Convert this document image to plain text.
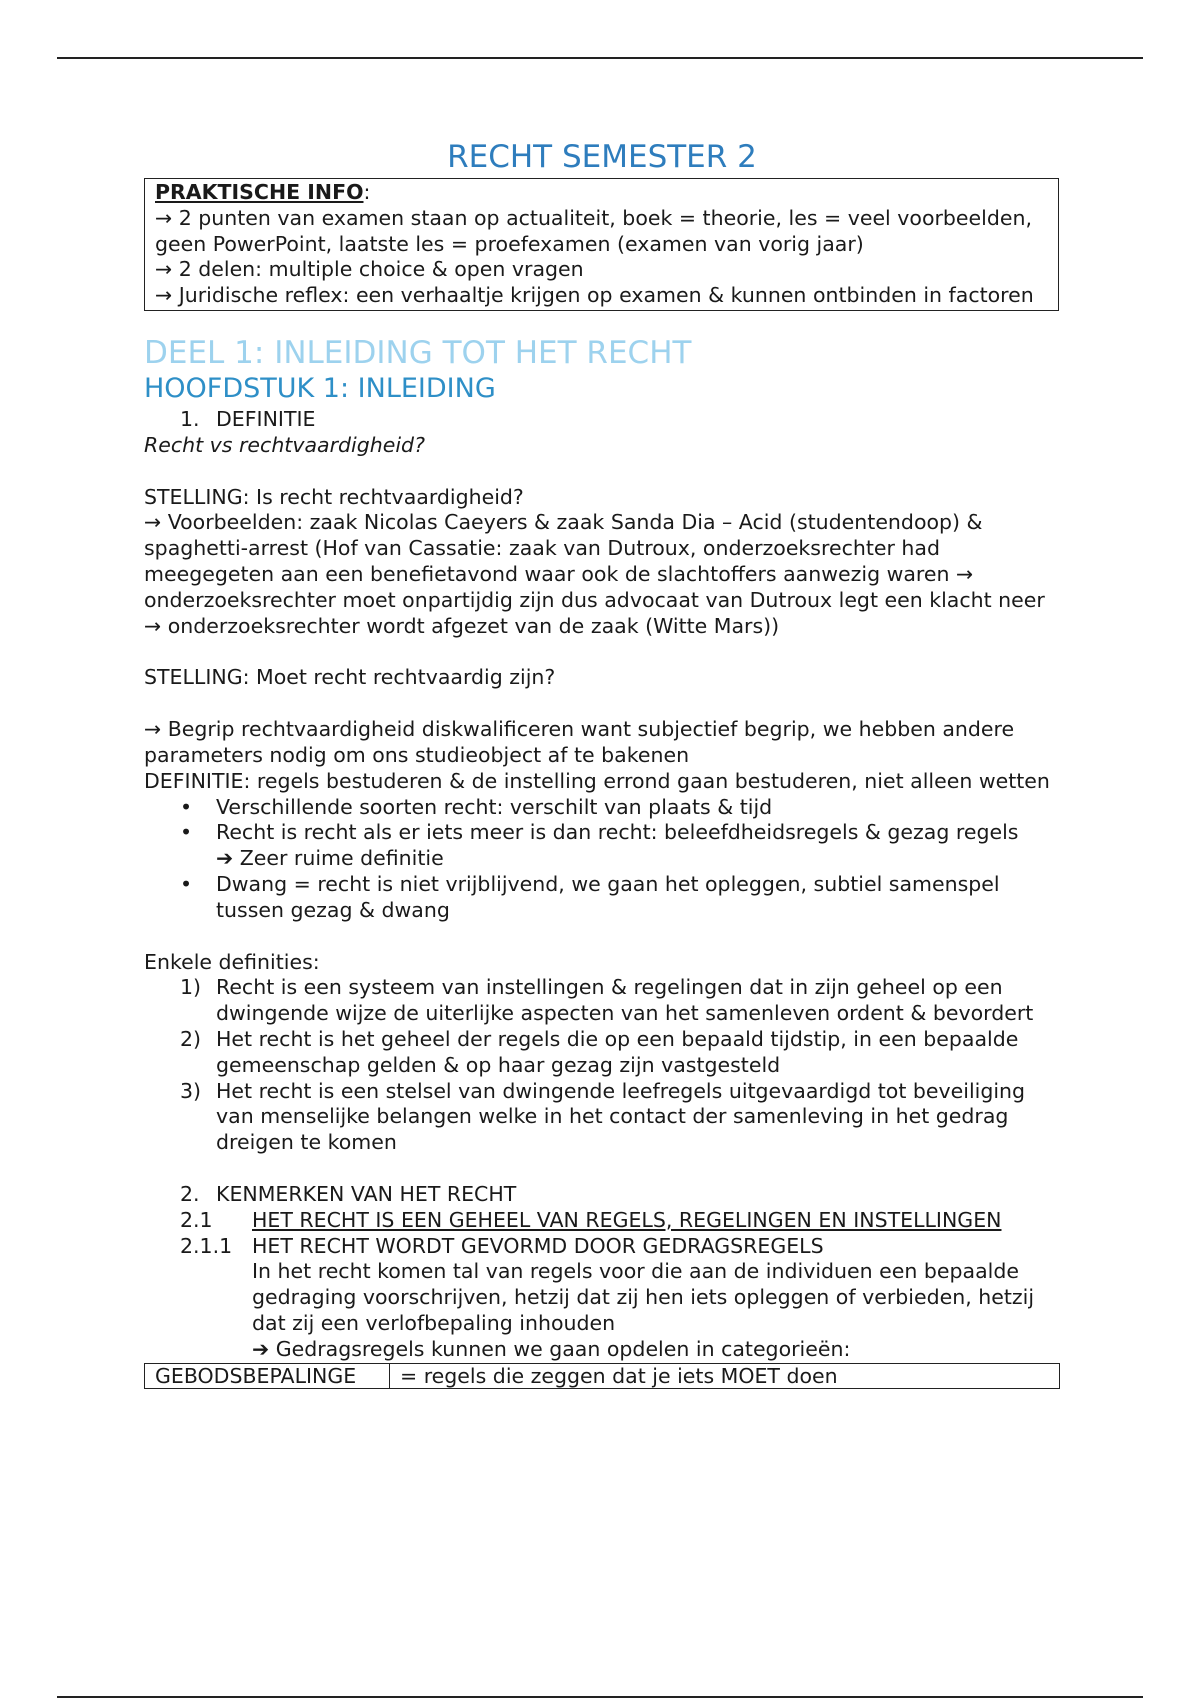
RECHT SEMESTER 2
PRAKTISCHE INFO:
→ 2 punten van examen staan op actualiteit, boek = theorie, les = veel voorbeelden, geen PowerPoint, laatste les = proefexamen (examen van vorig jaar)
→ 2 delen: multiple choice & open vragen
→ Juridische reflex: een verhaaltje krijgen op examen & kunnen ontbinden in factoren
DEEL 1: INLEIDING TOT HET RECHT
HOOFDSTUK 1: INLEIDING
1. DEFINITIE
Recht vs rechtvaardigheid?
STELLING: Is recht rechtvaardigheid?
→ Voorbeelden: zaak Nicolas Caeyers & zaak Sanda Dia – Acid (studentendoop) & spaghetti-arrest (Hof van Cassatie: zaak van Dutroux, onderzoeksrechter had meegegeten aan een benefietavond waar ook de slachtoffers aanwezig waren → onderzoeksrechter moet onpartijdig zijn dus advocaat van Dutroux legt een klacht neer → onderzoeksrechter wordt afgezet van de zaak (Witte Mars))
STELLING: Moet recht rechtvaardig zijn?
→ Begrip rechtvaardigheid diskwalificeren want subjectief begrip, we hebben andere parameters nodig om ons studieobject af te bakenen
DEFINITIE: regels bestuderen & de instelling errond gaan bestuderen, niet alleen wetten
•	Verschillende soorten recht: verschilt van plaats & tijd
•	Recht is recht als er iets meer is dan recht: beleefdheidsregels & gezag regels
➔ Zeer ruime definitie
•	Dwang = recht is niet vrijblijvend, we gaan het opleggen, subtiel samenspel tussen gezag & dwang
Enkele definities:
1) Recht is een systeem van instellingen & regelingen dat in zijn geheel op een dwingende wijze de uiterlijke aspecten van het samenleven ordent & bevordert
2) Het recht is het geheel der regels die op een bepaald tijdstip, in een bepaalde gemeenschap gelden & op haar gezag zijn vastgesteld
3) Het recht is een stelsel van dwingende leefregels uitgevaardigd tot beveiliging van menselijke belangen welke in het contact der samenleving in het gedrag dreigen te komen
2. KENMERKEN VAN HET RECHT
2.1	HET RECHT IS EEN GEHEEL VAN REGELS, REGELINGEN EN INSTELLINGEN
2.1.1 HET RECHT WORDT GEVORMD DOOR GEDRAGSREGELS
In het recht komen tal van regels voor die aan de individuen een bepaalde gedraging voorschrijven, hetzij dat zij hen iets opleggen of verbieden, hetzij dat zij een verlofbepaling inhouden
➔ Gedragsregels kunnen we gaan opdelen in categorieën:
GEBODSBEPALINGE	= regels die zeggen dat je iets MOET doen
